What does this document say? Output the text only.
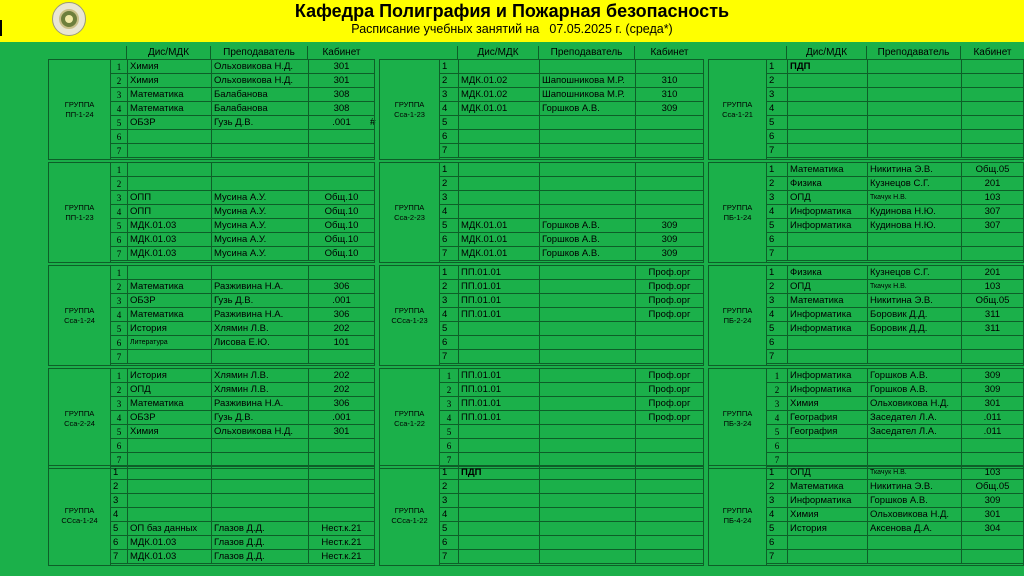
Кафедра Полиграфия и Пожарная безопасность
Расписание учебных занятий на 07.05.2025 г. (среда*)
Дис/МДК	Преподаватель	Кабинет	Дис/МДК	Преподаватель	Кабинет	Дис/МДК	Преподаватель	Кабинет
#
ГРУППА
ПП-1-24
1 Химия	Ольховикова Н.Д.	301
2 Химия	Ольховикова Н.Д.	301
3 Математика	Балабанова	308
4 Математика	Балабанова	308
5 ОБЗР	Гузь Д.В.	.001
6
7
ГРУППА
ПП-1-23
1
2
3 ОПП	Мусина А.У.	Общ.10
4 ОПП	Мусина А.У.	Общ.10
5 МДК.01.03	Мусина А.У.	Общ.10
6 МДК.01.03	Мусина А.У.	Общ.10
7 МДК.01.03	Мусина А.У.	Общ.10
ГРУППА
Сса-1-24
1
2 Математика	Разживина Н.А.	306
3 ОБЗР	Гузь Д.В.	.001
4 Математика	Разживина Н.А.	306
5 История	Хлямин Л.В.	202
6	Литература	Лисова Е.Ю.	101
7
ГРУППА
Сса-2-24
1 История	Хлямин Л.В.	202
2 ОПД	Хлямин Л.В.	202
3 Математика	Разживина Н.А.	306
4 ОБЗР	Гузь Д.В.	.001
5 Химия	Ольховикова Н.Д.	301
6
7
ГРУППА
ССса-1-24
1
2
3
4
5	ОП баз данных	Глазов Д.Д.	Нест.к.21
6	МДК.01.03	Глазов Д.Д.	Нест.к.21
7	МДК.01.03	Глазов Д.Д.	Нест.к.21
ГРУППА
Сса-1-23
1
2	МДК.01.02	Шапошникова М.Р.	310
3	МДК.01.02	Шапошникова М.Р.	310
4	МДК.01.01	Горшков А.В.	309
5
6
7
ГРУППА
Сса-2-23
1
2
3
4
5	МДК.01.01	Горшков А.В.	309
6	МДК.01.01	Горшков А.В.	309
7	МДК.01.01	Горшков А.В.	309
ГРУППА
ССса-1-23
1	ПП.01.01	Проф.орг
2	ПП.01.01	Проф.орг
3	ПП.01.01	Проф.орг
4	ПП.01.01	Проф.орг
5
6
7
ГРУППА
Сса-1-22
1	ПП.01.01	Проф.орг
2	ПП.01.01	Проф.орг
3	ПП.01.01	Проф.орг
4	ПП.01.01	Проф.орг
5
6
7
ГРУППА
ССса-1-22
1	ПДП
2
3
4
5
6
7
ГРУППА
Сса-1-21
1	ПДП
2
3
4
5
6
7
ГРУППА
ПБ-1-24
1	Математика	Никитина Э.В.	Общ.05
2	Физика	Кузнецов С.Г.	201
3	ОПД	Ткачук Н.В.	103
4	Информатика	Кудинова Н.Ю.	307
5	Информатика	Кудинова Н.Ю.	307
6
7
ГРУППА
ПБ-2-24
1	Физика	Кузнецов С.Г.	201
2	ОПД	Ткачук Н.В.	103
3	Математика	Никитина Э.В.	Общ.05
4	Информатика	Боровик Д.Д.	311
5	Информатика	Боровик Д.Д.	311
6
7
ГРУППА
ПБ-3-24
1	Информатика	Горшков А.В.	309
2	Информатика	Горшков А.В.	309
3	Химия	Ольховикова Н.Д.	301
4	География	Заседател Л.А.	.011
5	География	Заседател Л.А.	.011
6
7
ГРУППА
ПБ-4-24
1	ОПД	Ткачук Н.В.	103
2	Математика	Никитина Э.В.	Общ.05
3	Информатика	Горшков А.В.	309
4	Химия	Ольховикова Н.Д.	301
5	История	Аксенова Д.А.	304
6
7
